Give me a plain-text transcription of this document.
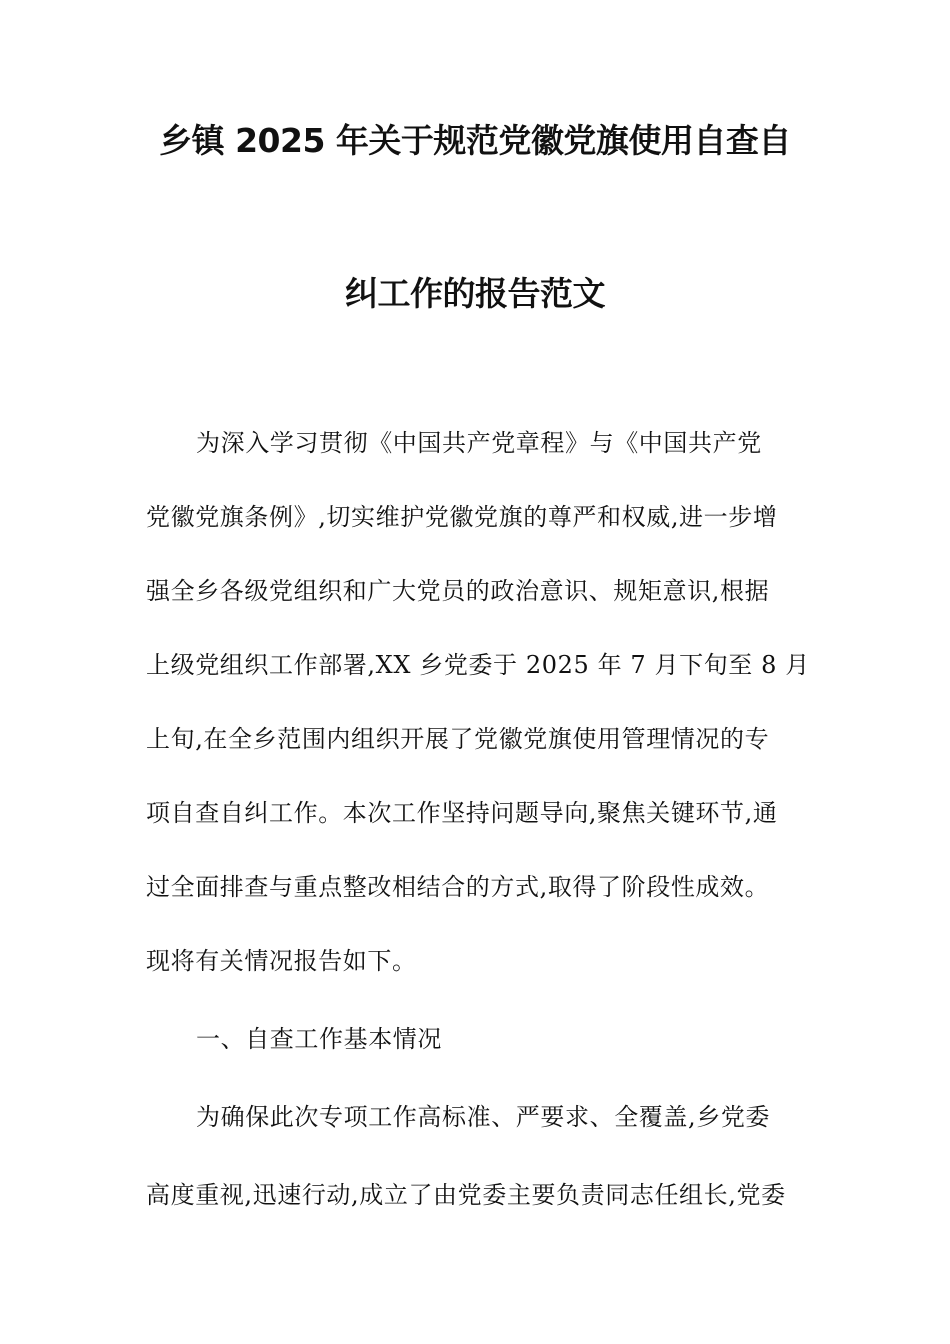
乡镇 2025 年关于规范党徽党旗使用自查自
纠工作的报告范文
为深入学习贯彻《中国共产党章程》与《中国共产党
党徽党旗条例》,切实维护党徽党旗的尊严和权威,进一步增
强全乡各级党组织和广大党员的政治意识、规矩意识,根据
上级党组织工作部署,XX 乡党委于 2025 年 7 月下旬至 8 月
上旬,在全乡范围内组织开展了党徽党旗使用管理情况的专
项自查自纠工作。本次工作坚持问题导向,聚焦关键环节,通
过全面排查与重点整改相结合的方式,取得了阶段性成效。
现将有关情况报告如下。
一、自查工作基本情况
为确保此次专项工作高标准、严要求、全覆盖,乡党委
高度重视,迅速行动,成立了由党委主要负责同志任组长,党委
